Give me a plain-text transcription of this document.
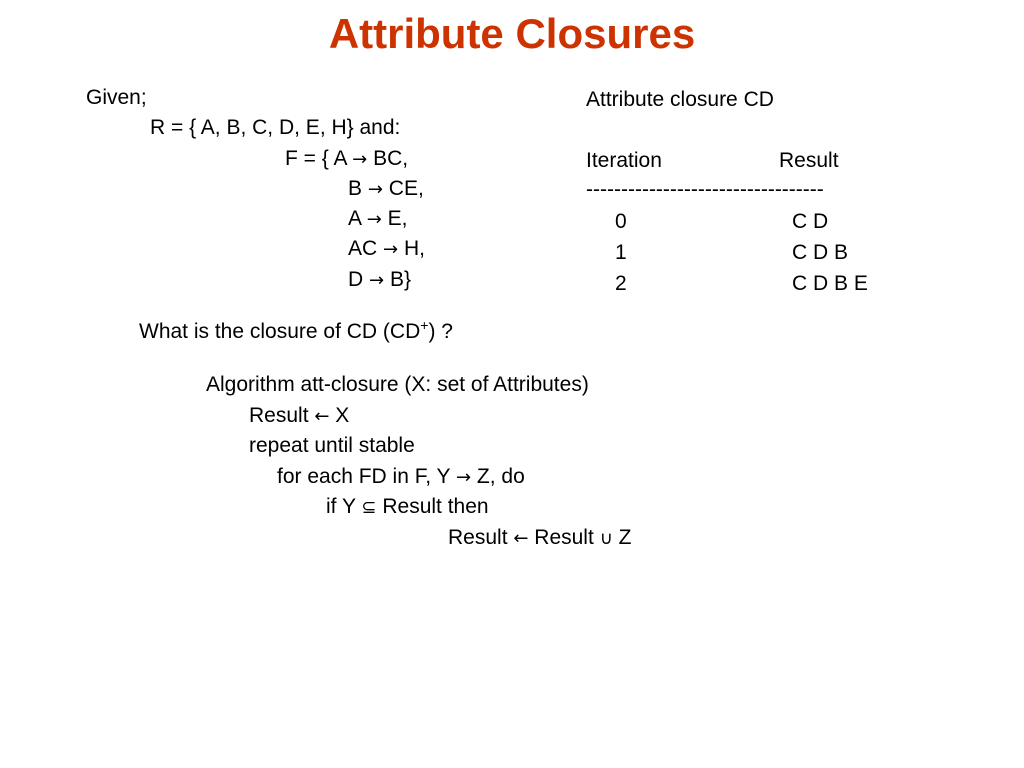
Attribute Closures
Given;
R = { A, B, C, D, E, H} and:
F = { A → BC,
B → CE,
A → E,
AC → H,
D → B}
What is the closure of CD (CD+) ?
Attribute closure CD
Iteration	Result
----------------------------------
0	C D
1	C D B
2	C D B E
Algorithm att-closure (X: set of Attributes)
Result ← X
repeat until stable
for each FD in F, Y → Z, do
if Y ⊆ Result then
Result ← Result ∪ Z
